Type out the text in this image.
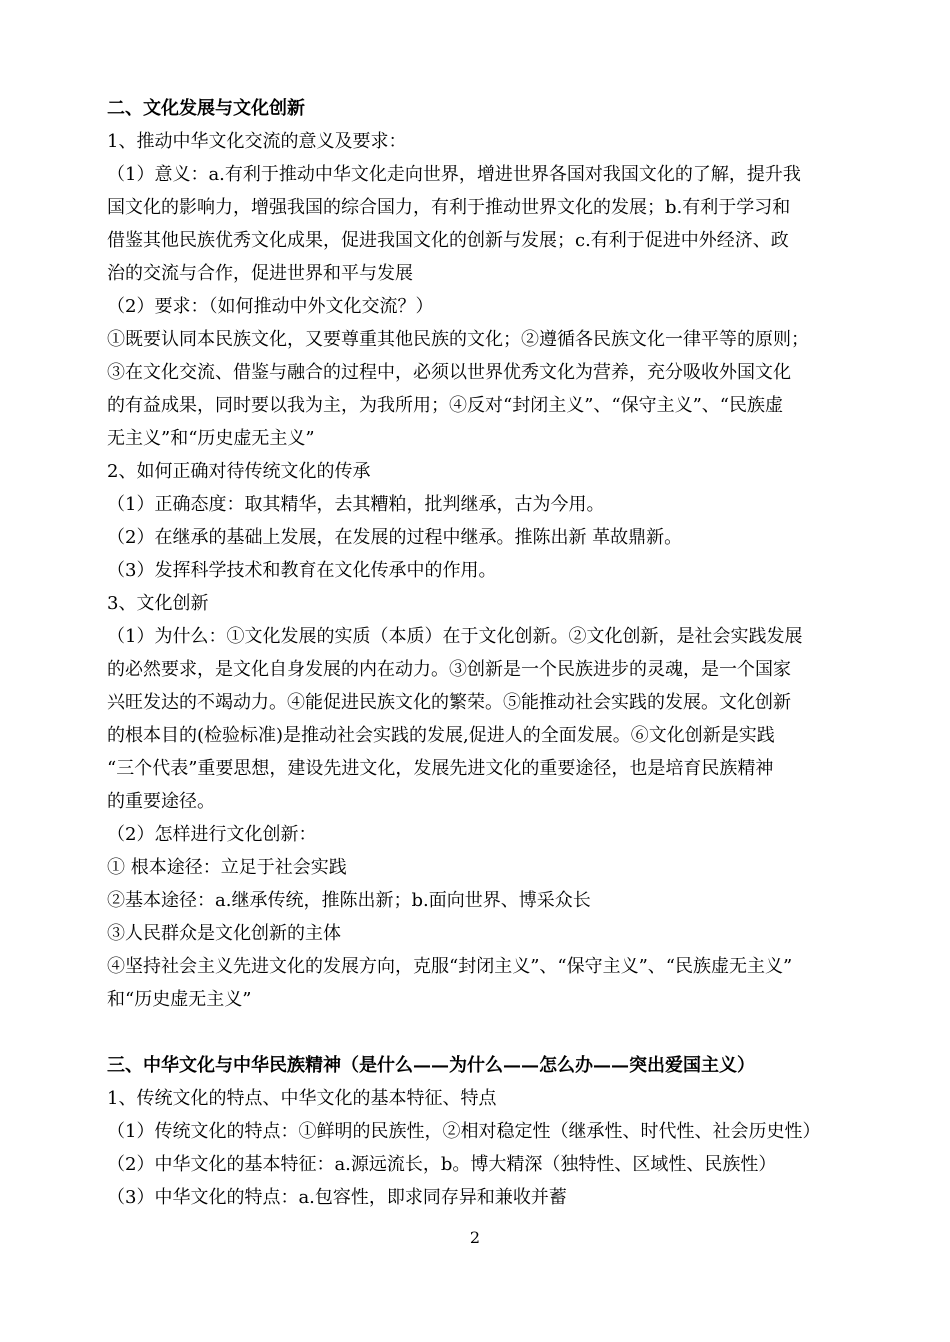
二、文化发展与文化创新
1、推动中华文化交流的意义及要求：
（1）意义：a.有利于推动中华文化走向世界，增进世界各国对我国文化的了解，提升我
国文化的影响力，增强我国的综合国力，有利于推动世界文化的发展；b.有利于学习和
借鉴其他民族优秀文化成果，促进我国文化的创新与发展；c.有利于促进中外经济、政
治的交流与合作，促进世界和平与发展
（2）要求：（如何推动中外文化交流？）
①既要认同本民族文化，又要尊重其他民族的文化；②遵循各民族文化一律平等的原则；
③在文化交流、借鉴与融合的过程中，必须以世界优秀文化为营养，充分吸收外国文化
的有益成果，同时要以我为主，为我所用；④反对“封闭主义”、“保守主义”、“民族虚
无主义”和“历史虚无主义”
2、如何正确对待传统文化的传承
（1）正确态度：取其精华，去其糟粕，批判继承，古为今用。
（2）在继承的基础上发展，在发展的过程中继承。推陈出新 革故鼎新。
（3）发挥科学技术和教育在文化传承中的作用。
3、文化创新
（1）为什么：①文化发展的实质（本质）在于文化创新。②文化创新，是社会实践发展
的必然要求，是文化自身发展的内在动力。③创新是一个民族进步的灵魂，是一个国家
兴旺发达的不竭动力。④能促进民族文化的繁荣。⑤能推动社会实践的发展。文化创新
的根本目的(检验标准)是推动社会实践的发展,促进人的全面发展。⑥文化创新是实践
“三个代表”重要思想，建设先进文化，发展先进文化的重要途径，也是培育民族精神
的重要途径。
（2）怎样进行文化创新：
① 根本途径：立足于社会实践
②基本途径：a.继承传统，推陈出新；b.面向世界、博采众长
③人民群众是文化创新的主体
④坚持社会主义先进文化的发展方向，克服“封闭主义”、“保守主义”、“民族虚无主义”
和“历史虚无主义”
三、中华文化与中华民族精神（是什么——为什么——怎么办——突出爱国主义）
1、传统文化的特点、中华文化的基本特征、特点
（1）传统文化的特点：①鲜明的民族性，②相对稳定性（继承性、时代性、社会历史性）
（2）中华文化的基本特征：a.源远流长，b。博大精深（独特性、区域性、民族性）
（3）中华文化的特点：a.包容性，即求同存异和兼收并蓄
2
